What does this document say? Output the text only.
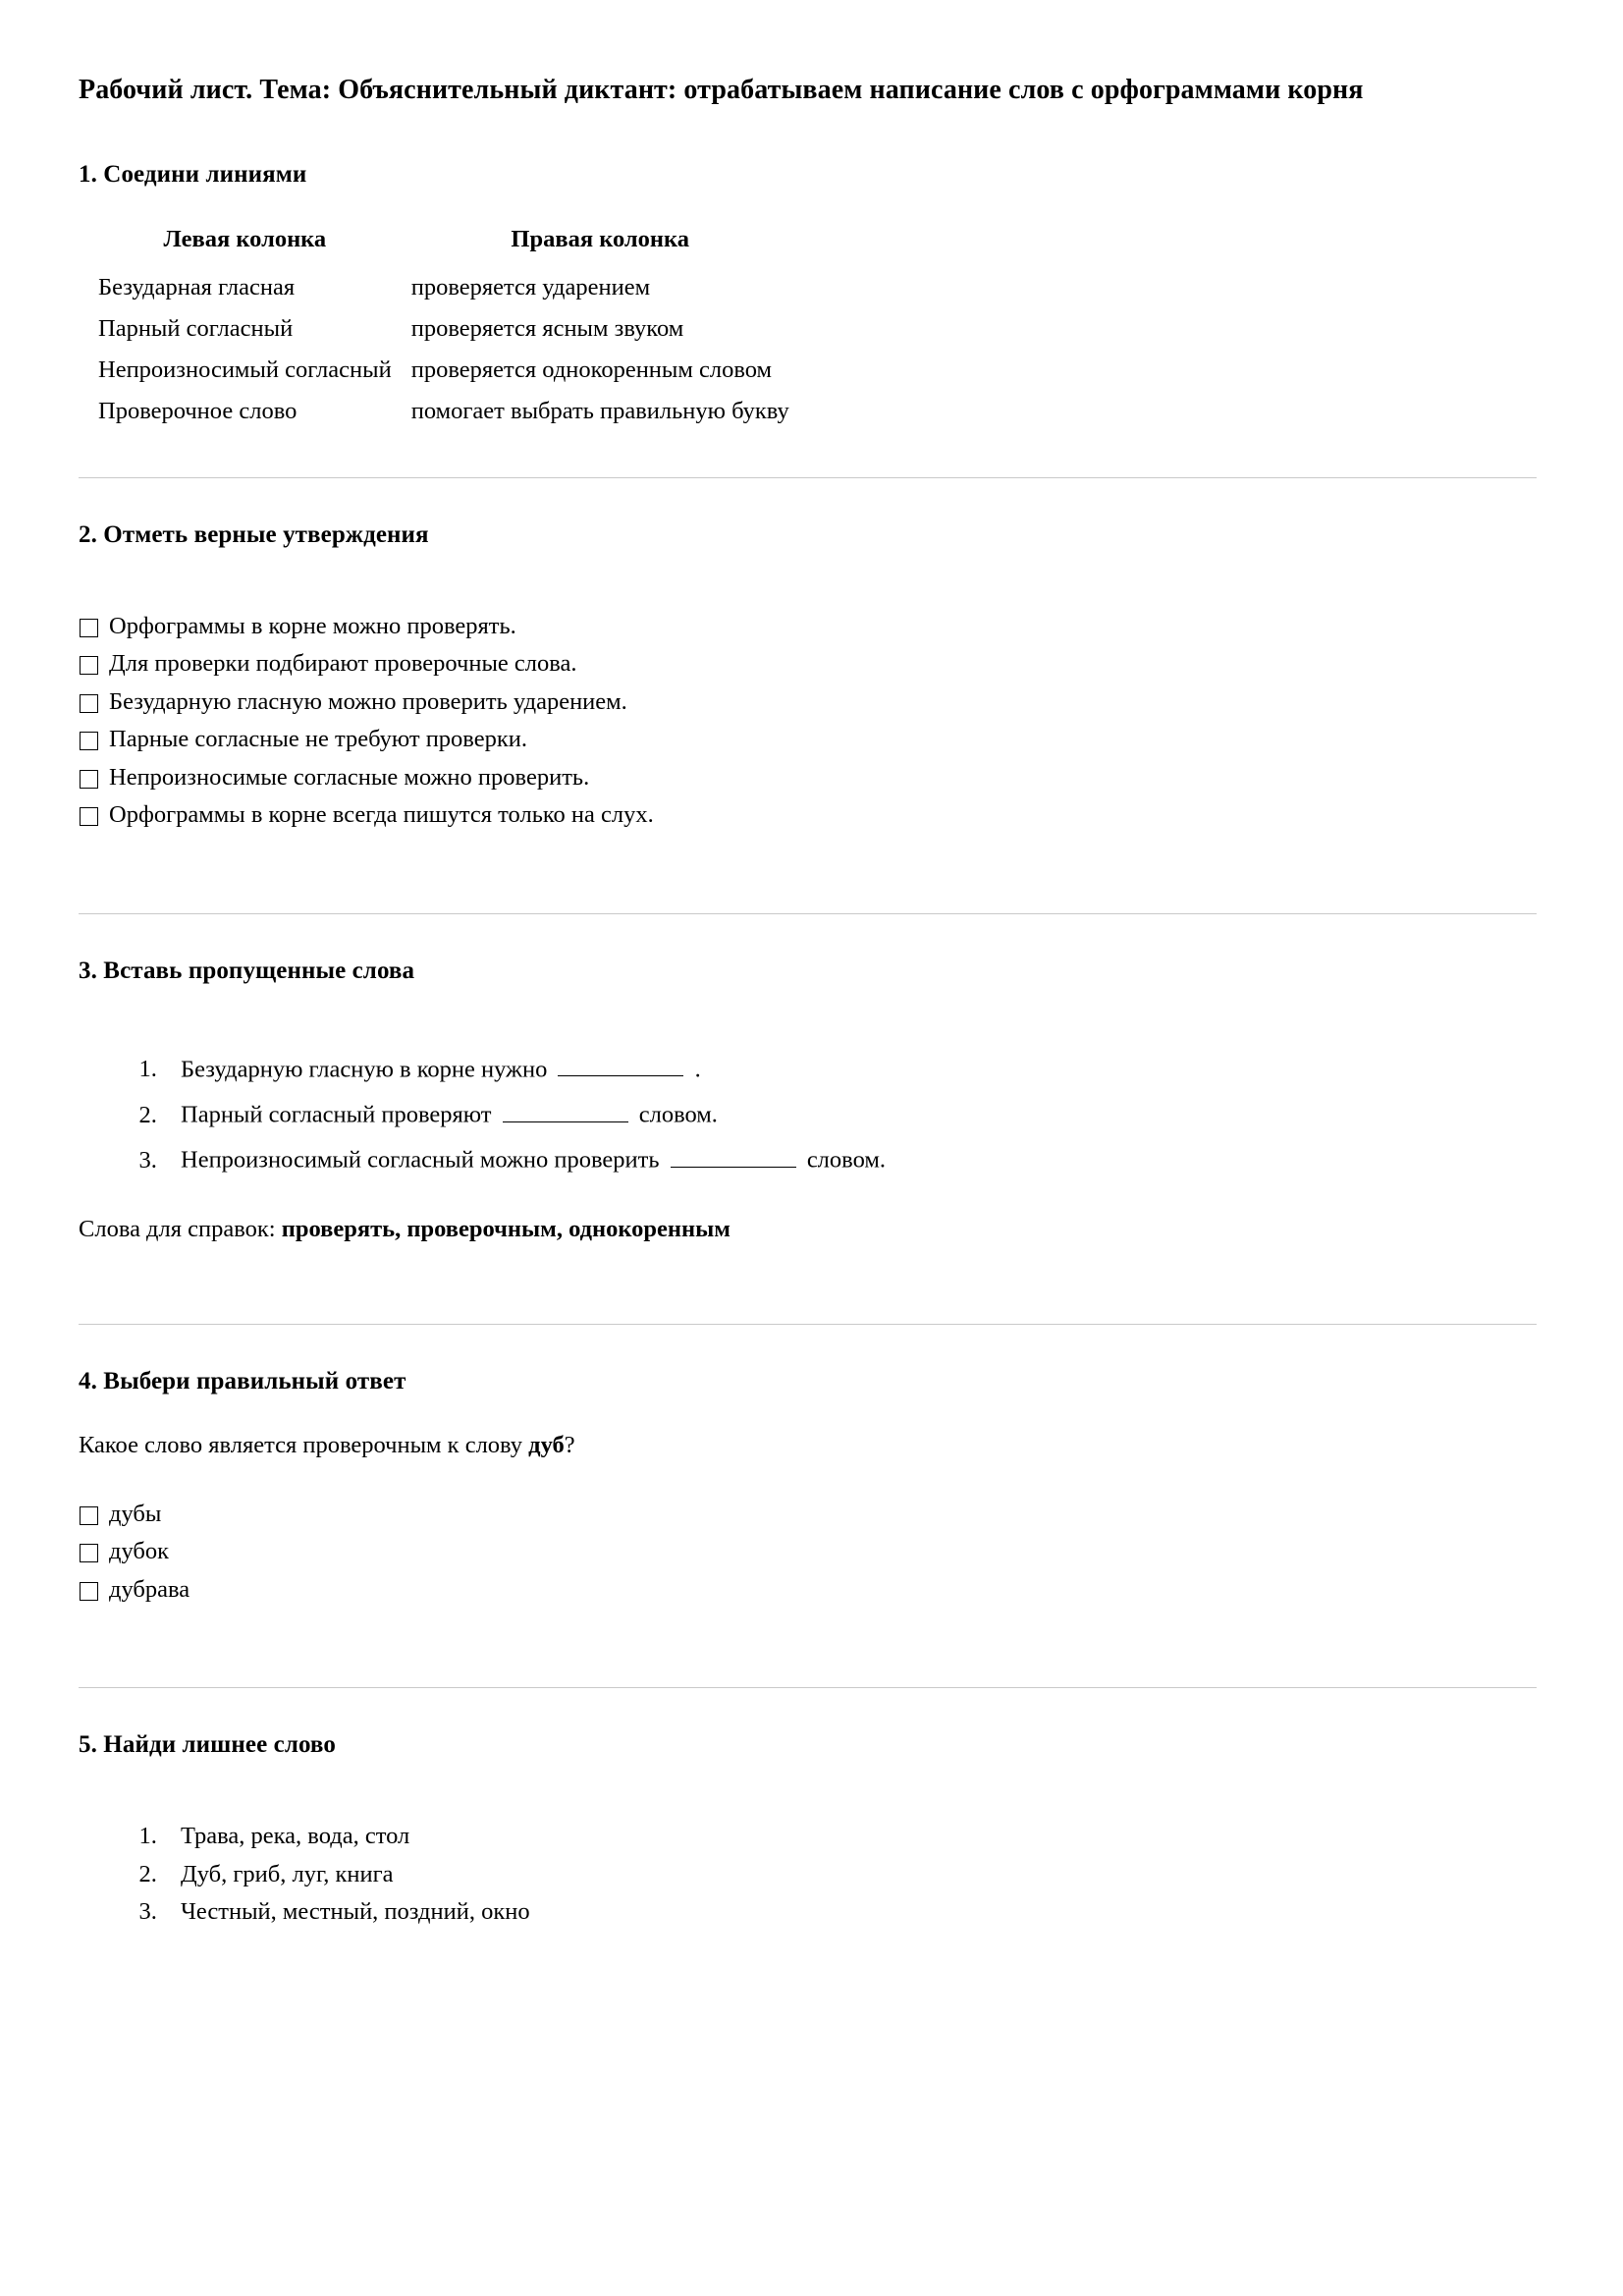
Рабочий лист. Тема: Объяснительный диктант: отрабатываем написание слов с орфограммами корня
1. Соедини линиями
Левая колонка	Правая колонка
Безударная гласная	проверяется ударением
Парный согласный	проверяется ясным звуком
Непроизносимый согласный	проверяется однокоренным словом
Проверочное слово	помогает выбрать правильную букву
2. Отметь верные утверждения
Орфограммы в корне можно проверять.
Для проверки подбирают проверочные слова.
Безударную гласную можно проверить ударением.
Парные согласные не требуют проверки.
Непроизносимые согласные можно проверить.
Орфограммы в корне всегда пишутся только на слух.
3. Вставь пропущенные слова
1. Безударную гласную в корне нужно	.
2. Парный согласный проверяют	словом.
3. Непроизносимый согласный можно проверить	словом.

Слова для справок: проверять, проверочным, однокоренным

4. Выбери правильный ответ

Какое слово является проверочным к слову дуб?

дубы
дубок
дубрава
5. Найди лишнее слово
1. Трава, река, вода, стол
2. Дуб, гриб, луг, книга
3. Честный, местный, поздний, окно
